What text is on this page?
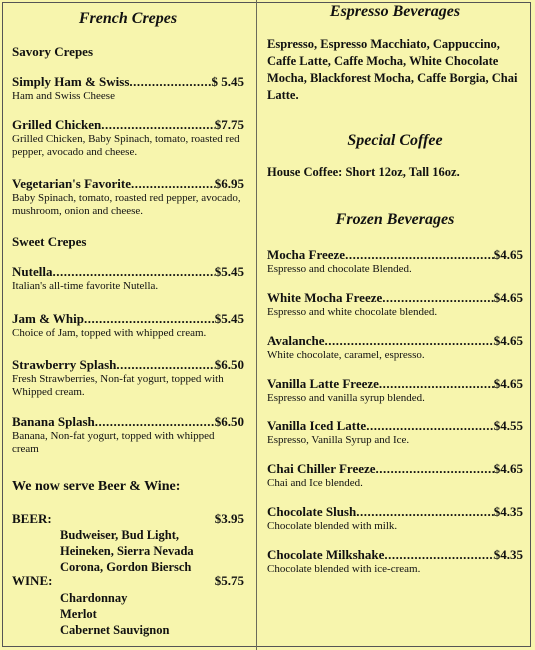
French Crepes
Savory Crepes
Simply Ham & Swiss .....	$ 5.45
Ham and Swiss Cheese
Grilled Chicken .....	$7.75
Grilled Chicken, Baby Spinach, tomato, roasted red pepper, avocado and cheese.
Vegetarian's Favorite .....	$6.95
Baby Spinach, tomato, roasted red pepper, avocado, mushroom, onion and cheese.
Sweet Crepes
Nutella .....	$5.45
Italian's all-time favorite Nutella.
Jam & Whip .....	$5.45
Choice of Jam, topped with whipped cream.
Strawberry Splash .....	$6.50
Fresh Strawberries, Non-fat yogurt, topped with Whipped cream.
Banana Splash .....	$6.50
Banana, Non-fat yogurt, topped with whipped cream
We now serve Beer & Wine:
BEER:	$3.95
Budweiser, Bud Light,
Heineken, Sierra Nevada
Corona, Gordon Biersch
WINE:	$5.75
Chardonnay
Merlot
Cabernet Sauvignon
Espresso Beverages
Espresso, Espresso Macchiato, Cappuccino, Caffe Latte, Caffe Mocha, White Chocolate Mocha, Blackforest Mocha, Caffe Borgia, Chai Latte.
Special Coffee
House Coffee: Short 12oz, Tall 16oz.
Frozen Beverages
Mocha Freeze .....	$4.65
Espresso and chocolate Blended.
White Mocha Freeze .....	$4.65
Espresso and white chocolate blended.
Avalanche .....	$4.65
White chocolate, caramel, espresso.
Vanilla Latte Freeze .....	$4.65
Espresso and vanilla syrup blended.
Vanilla Iced Latte .....	$4.55
Espresso, Vanilla Syrup and Ice.
Chai Chiller Freeze .....	$4.65
Chai and Ice blended.
Chocolate Slush .....	$4.35
Chocolate blended with milk.
Chocolate Milkshake .....	$4.35
Chocolate blended with ice-cream.
